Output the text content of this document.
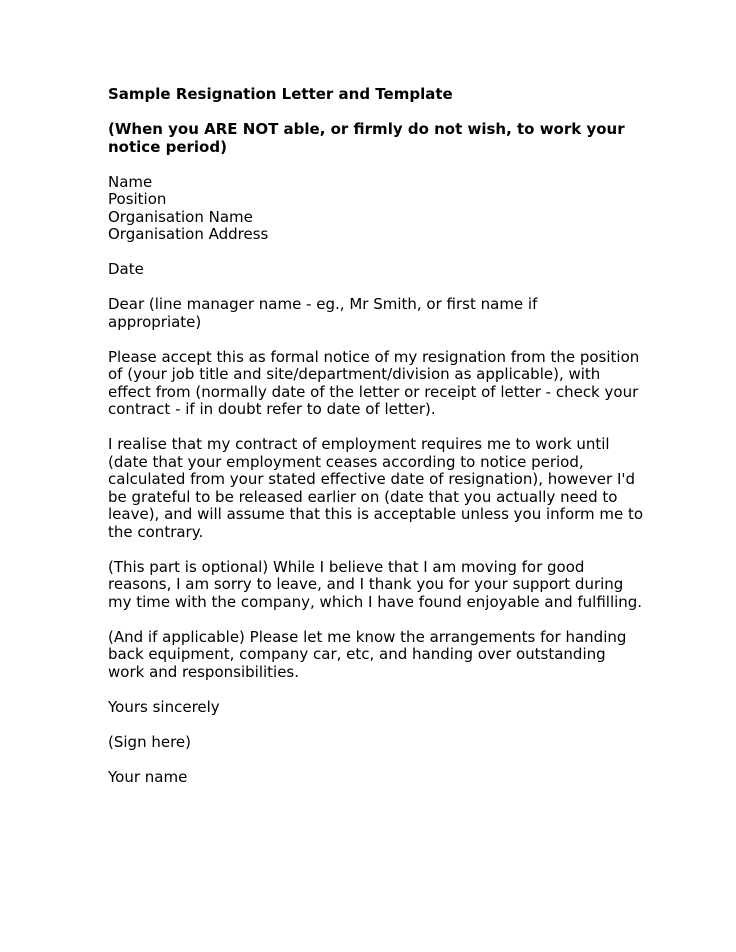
Sample Resignation Letter and Template

(When you ARE NOT able, or firmly do not wish, to work your
notice period)

Name
Position
Organisation Name
Organisation Address

Date

Dear (line manager name - eg., Mr Smith, or first name if appropriate)

Please accept this as formal notice of my resignation from the position
of (your job title and site/department/division as applicable), with
effect from (normally date of the letter or receipt of letter - check your
contract - if in doubt refer to date of letter).

I realise that my contract of employment requires me to work until
(date that your employment ceases according to notice period,
calculated from your stated effective date of resignation), however I'd
be grateful to be released earlier on (date that you actually need to
leave), and will assume that this is acceptable unless you inform me to
the contrary.

(This part is optional) While I believe that I am moving for good
reasons, I am sorry to leave, and I thank you for your support during
my time with the company, which I have found enjoyable and fulfilling.

(And if applicable) Please let me know the arrangements for handing
back equipment, company car, etc, and handing over outstanding
work and responsibilities.

Yours sincerely

(Sign here)

Your name
